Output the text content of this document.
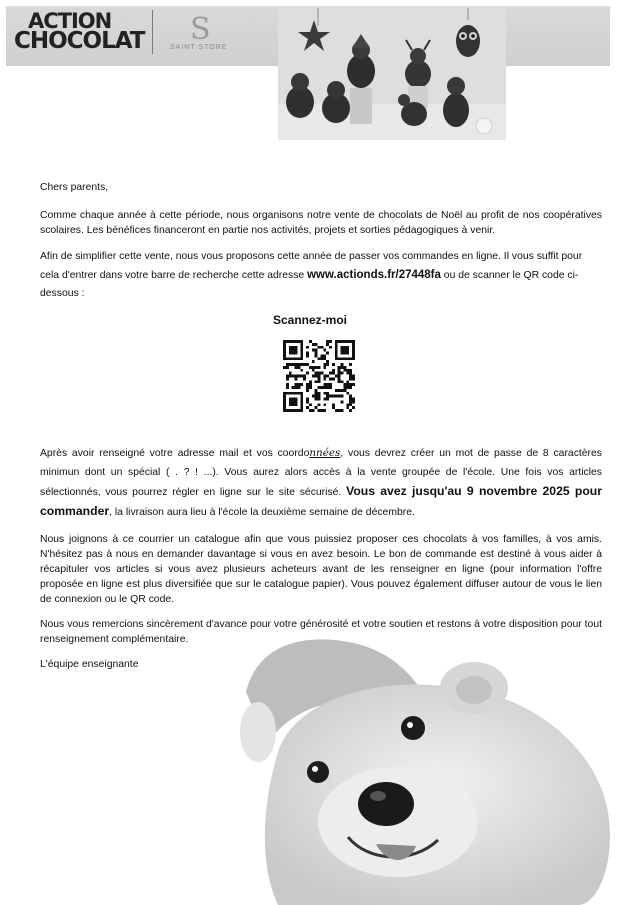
ACTION
CHOCOLAT S
SAINT-STORE

Chers parents,

Comme chaque année à cette période, nous organisons notre vente de chocolats de Noël au profit de nos coopératives scolaires. Les bénéfices financeront en partie nos activités, projets et sorties pédagogiques à venir.

Afin de simplifier cette vente, nous vous proposons cette année de passer vos commandes en ligne. Il vous suffit pour cela d'entrer dans votre barre de recherche cette adresse www.actionds.fr/27448fa ou de scanner le QR code ci-dessous :

Scannez-moi

Après avoir renseigné votre adresse mail et vos coordonnées, vous devrez créer un mot de passe de 8 caractères minimun dont un spécial ( . ? ! ...). Vous aurez alors accès à la vente groupée de l'école. Une fois vos articles sélectionnés, vous pourrez régler en ligne sur le site sécurisé. Vous avez jusqu'au 9 novembre 2025 pour commander, la livraison aura lieu à l'école la deuxième semaine de décembre.

Nous joignons à ce courrier un catalogue afin que vous puissiez proposer ces chocolats à vos familles, à vos amis. N'hésitez pas à nous en demander davantage si vous en avez besoin. Le bon de commande est destiné à vous aider à récapituler vos articles si vous avez plusieurs acheteurs avant de les renseigner en ligne (pour information l'offre proposée en ligne est plus diversifiée que sur le catalogue papier). Vous pouvez également diffuser autour de vous le lien de connexion ou le QR code.

Nous vous remercions sincèrement d'avance pour votre générosité et votre soutien et restons à votre disposition pour tout renseignement complémentaire.

L'équipe enseignante
